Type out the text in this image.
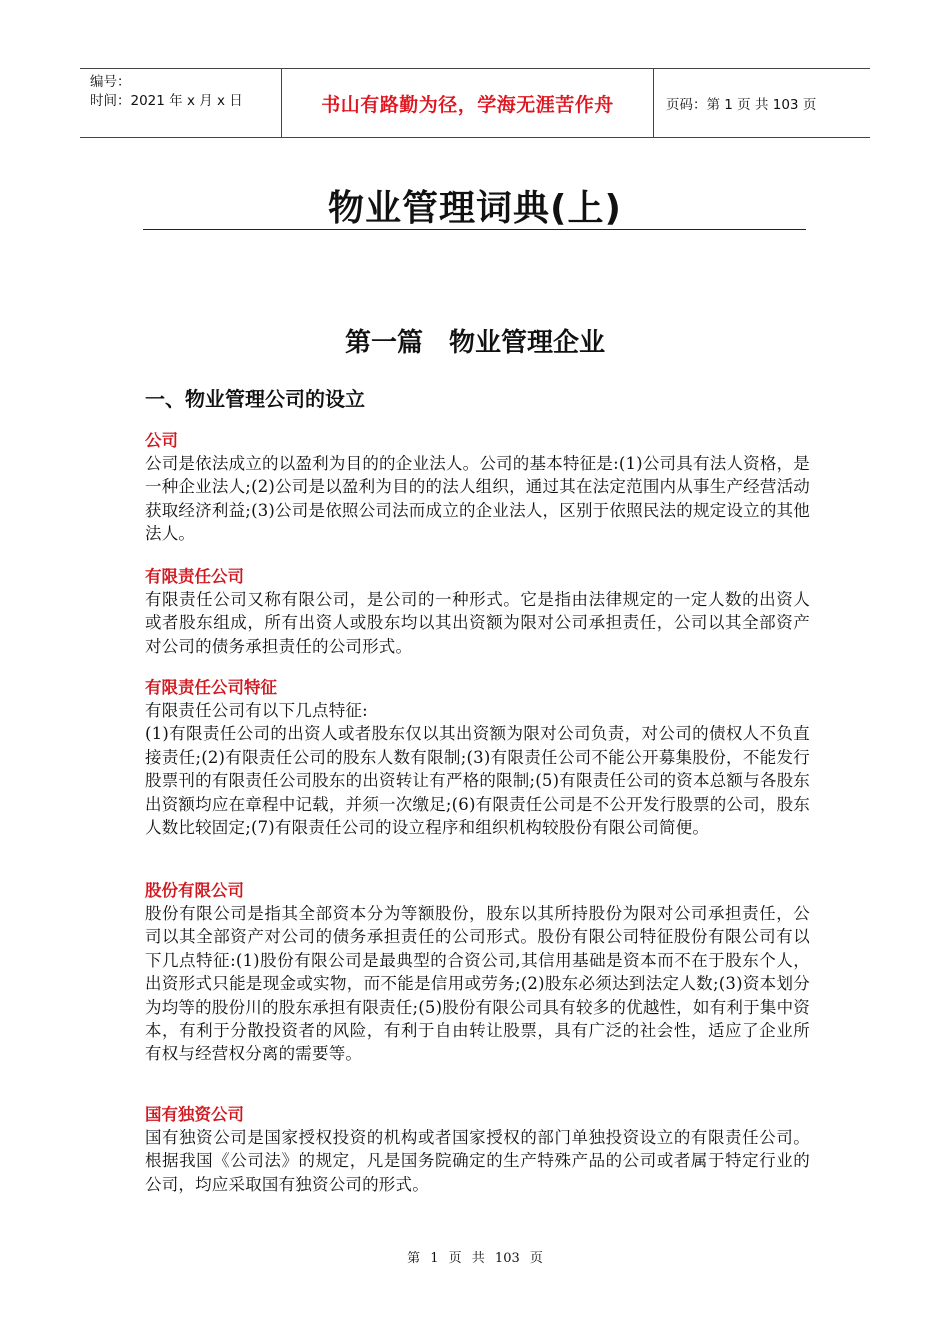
编号：
时间：2021 年 x 月 x 日	书山有路勤为径，学海无涯苦作舟	页码：第 1 页 共 103 页
物业管理词典(上)
第一篇　物业管理企业
一、物业管理公司的设立
公司
公司是依法成立的以盈利为目的的企业法人。公司的基本特征是:(1)公司具有法人资格，是一种企业法人;(2)公司是以盈利为目的的法人组织，通过其在法定范围内从事生产经营活动获取经济利益;(3)公司是依照公司法而成立的企业法人，区别于依照民法的规定设立的其他法人。
有限责任公司
有限责任公司又称有限公司，是公司的一种形式。它是指由法律规定的一定人数的出资人或者股东组成，所有出资人或股东均以其出资额为限对公司承担责任，公司以其全部资产对公司的债务承担责任的公司形式。
有限责任公司特征
有限责任公司有以下几点特征:
(1)有限责任公司的出资人或者股东仅以其出资额为限对公司负责，对公司的债权人不负直接责任;(2)有限责任公司的股东人数有限制;(3)有限责任公司不能公开募集股份，不能发行股票刊的有限责任公司股东的出资转让有严格的限制;(5)有限责任公司的资本总额与各股东出资额均应在章程中记载，并须一次缴足;(6)有限责任公司是不公开发行股票的公司，股东人数比较固定;(7)有限责任公司的设立程序和组织机构较股份有限公司简便。
股份有限公司
股份有限公司是指其全部资本分为等额股份，股东以其所持股份为限对公司承担责任，公司以其全部资产对公司的债务承担责任的公司形式。股份有限公司特征股份有限公司有以下几点特征:(1)股份有限公司是最典型的合资公司,其信用基础是资本而不在于股东个人，出资形式只能是现金或实物，而不能是信用或劳务;(2)股东必须达到法定人数;(3)资本划分为均等的股份川的股东承担有限责任;(5)股份有限公司具有较多的优越性，如有利于集中资本，有利于分散投资者的风险，有利于自由转让股票，具有广泛的社会性，适应了企业所有权与经营权分离的需要等。
国有独资公司
国有独资公司是国家授权投资的机构或者国家授权的部门单独投资设立的有限责任公司。根据我国《公司法》的规定，凡是国务院确定的生产特殊产品的公司或者属于特定行业的公司，均应采取国有独资公司的形式。
第 1 页 共 103 页
